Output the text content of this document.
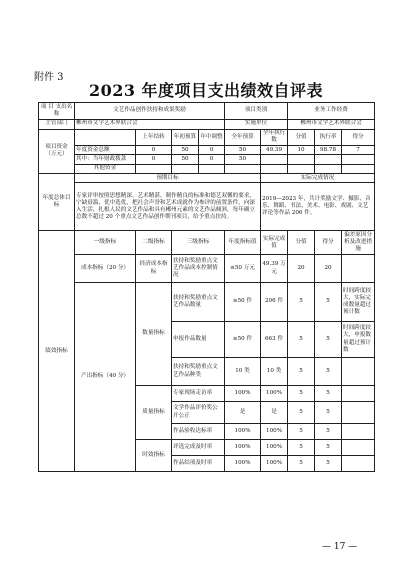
附件 3
2023 年度项目支出绩效自评表
项 目 支出名称	文艺作品创作扶持和成果奖励				项目类别		业务工作经费		
主管部门	郴州市文学艺术界联合会				实施单位		郴州市文学艺术界联合会		
项目资金
（万元）		上年结转	年初预算	年中调整	全年预算	全年执行数	分值	执行率	得分
	年度资金总额	0	50	0	50	49.39	10	98.78	7
	其中：当年财政拨款	0	50	0	50				
	其他资金								
年度总体目标	预期目标					实际完成情况			
	专家评审按照思想精深、艺术精湛、制作精良的标准和德艺双馨的要求，宁缺毋滥，优中选优，把社会声誉和艺术成就作为参评的前置条件，向深入生活、扎根人民的文艺作品和具有郴州元素的文艺作品倾斜，每年确立总数不超过 20 个重点文艺作品创作期刊项目，给予重点扶持。					2019—2023 年，共计奖励文学、摄影、音乐、舞蹈、书法、美术、电影、戏剧、文艺评论等作品 206 件。			
绩效指标	一级指标	二级指标	三级指标		年度指标值	实际完成值	分值	得分	偏差原因分析及改进措施
	成本指标（20 分）	经济成本指标	扶持和奖励重点文艺作品成本控制情况		≤50 万元	49.39 万元	20	20	
	产出指标（40 分）	数量指标	扶持和奖励重点文艺作品数量		≥50 件	206 件	5	5	时间跨度较大，实际完成数量超过预计数
			申报作品数量		≥50 件	663 件	5	5	时间跨度较大，申报数量超过预计数
			扶持和奖励重点文艺作品种类		10 类	10 类	5	5	
		质量指标	专家现场走访率		100%	100%	5	5	
			文学作品评价奖公开公正		是	是	5	5	
			作品验收达标率		100%	100%	5	5	
		时效指标	评选完成及时率		100%	100%	5	5	
			作品结项及时率		100%	100%	5	5	
— 17 —
